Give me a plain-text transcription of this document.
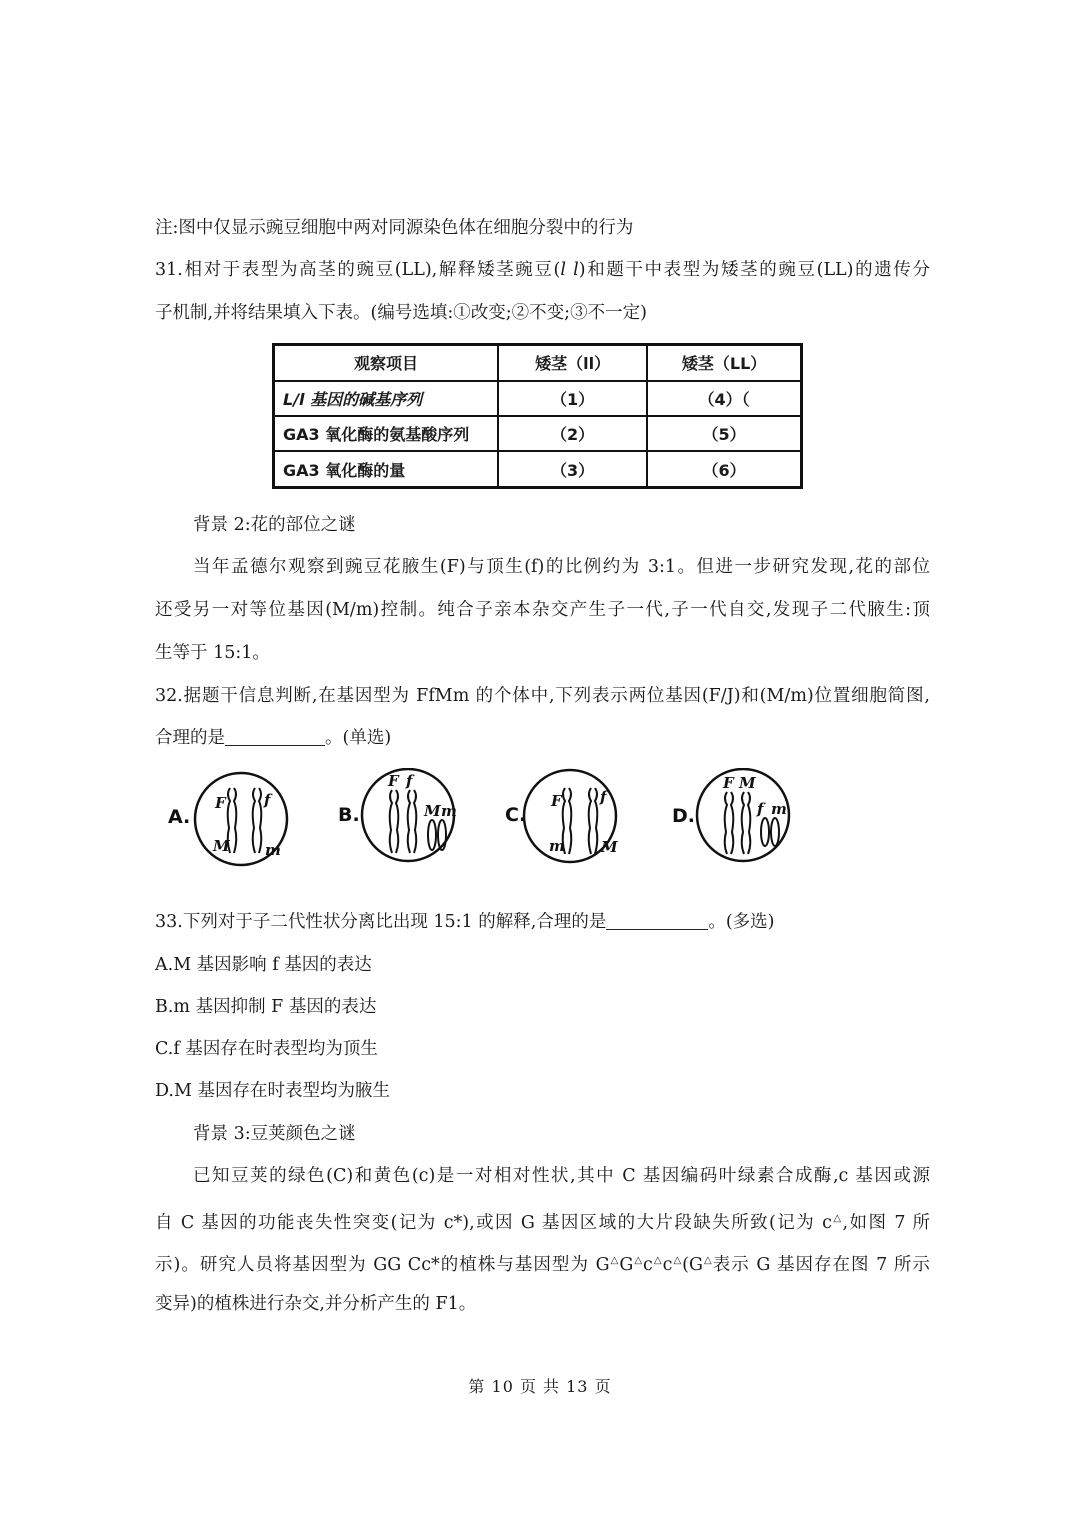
注:图中仅显示豌豆细胞中两对同源染色体在细胞分裂中的行为
31.相对于表型为高茎的豌豆(LL),解释矮茎豌豆(l l)和题干中表型为矮茎的豌豆(LL)的遗传分
子机制,并将结果填入下表。(编号选填:①改变;②不变;③不一定)
观察项目	矮茎（ll）	矮茎（LL）
L/l 基因的碱基序列	（1）	（4）（
GA3 氧化酶的氨基酸序列	（2）	（5）
GA3 氧化酶的量	（3）	（6）
背景 2:花的部位之谜
当年孟德尔观察到豌豆花腋生(F)与顶生(f)的比例约为 3:1。但进一步研究发现,花的部位
还受另一对等位基因(M/m)控制。纯合子亲本杂交产生子一代,子一代自交,发现子二代腋生:顶
生等于 15:1。
32.据题干信息判断,在基因型为 FfMm 的个体中,下列表示两位基因(F/J)和(M/m)位置细胞简图,
合理的是	。(单选)
A.
F	f
M m
B.
F f
M m	C.
F	f
m M
D.
F M
f m
33.下列对于子二代性状分离比出现 15:1 的解释,合理的是	。(多选)
A.M 基因影响 f 基因的表达
B.m 基因抑制 F 基因的表达
C.f 基因存在时表型均为顶生
D.M 基因存在时表型均为腋生
背景 3:豆荚颜色之谜
已知豆荚的绿色(C)和黄色(c)是一对相对性状,其中 C 基因编码叶绿素合成酶,c 基因或源
自 C 基因的功能丧失性突变(记为 c*),或因 G 基因区域的大片段缺失所致(记为 c△,如图 7 所
示)。研究人员将基因型为 GG Cc*的植株与基因型为 G△G△c△c△(G△表示 G 基因存在图 7 所示
变异)的植株进行杂交,并分析产生的 F1。
第 10 页 共 13 页
